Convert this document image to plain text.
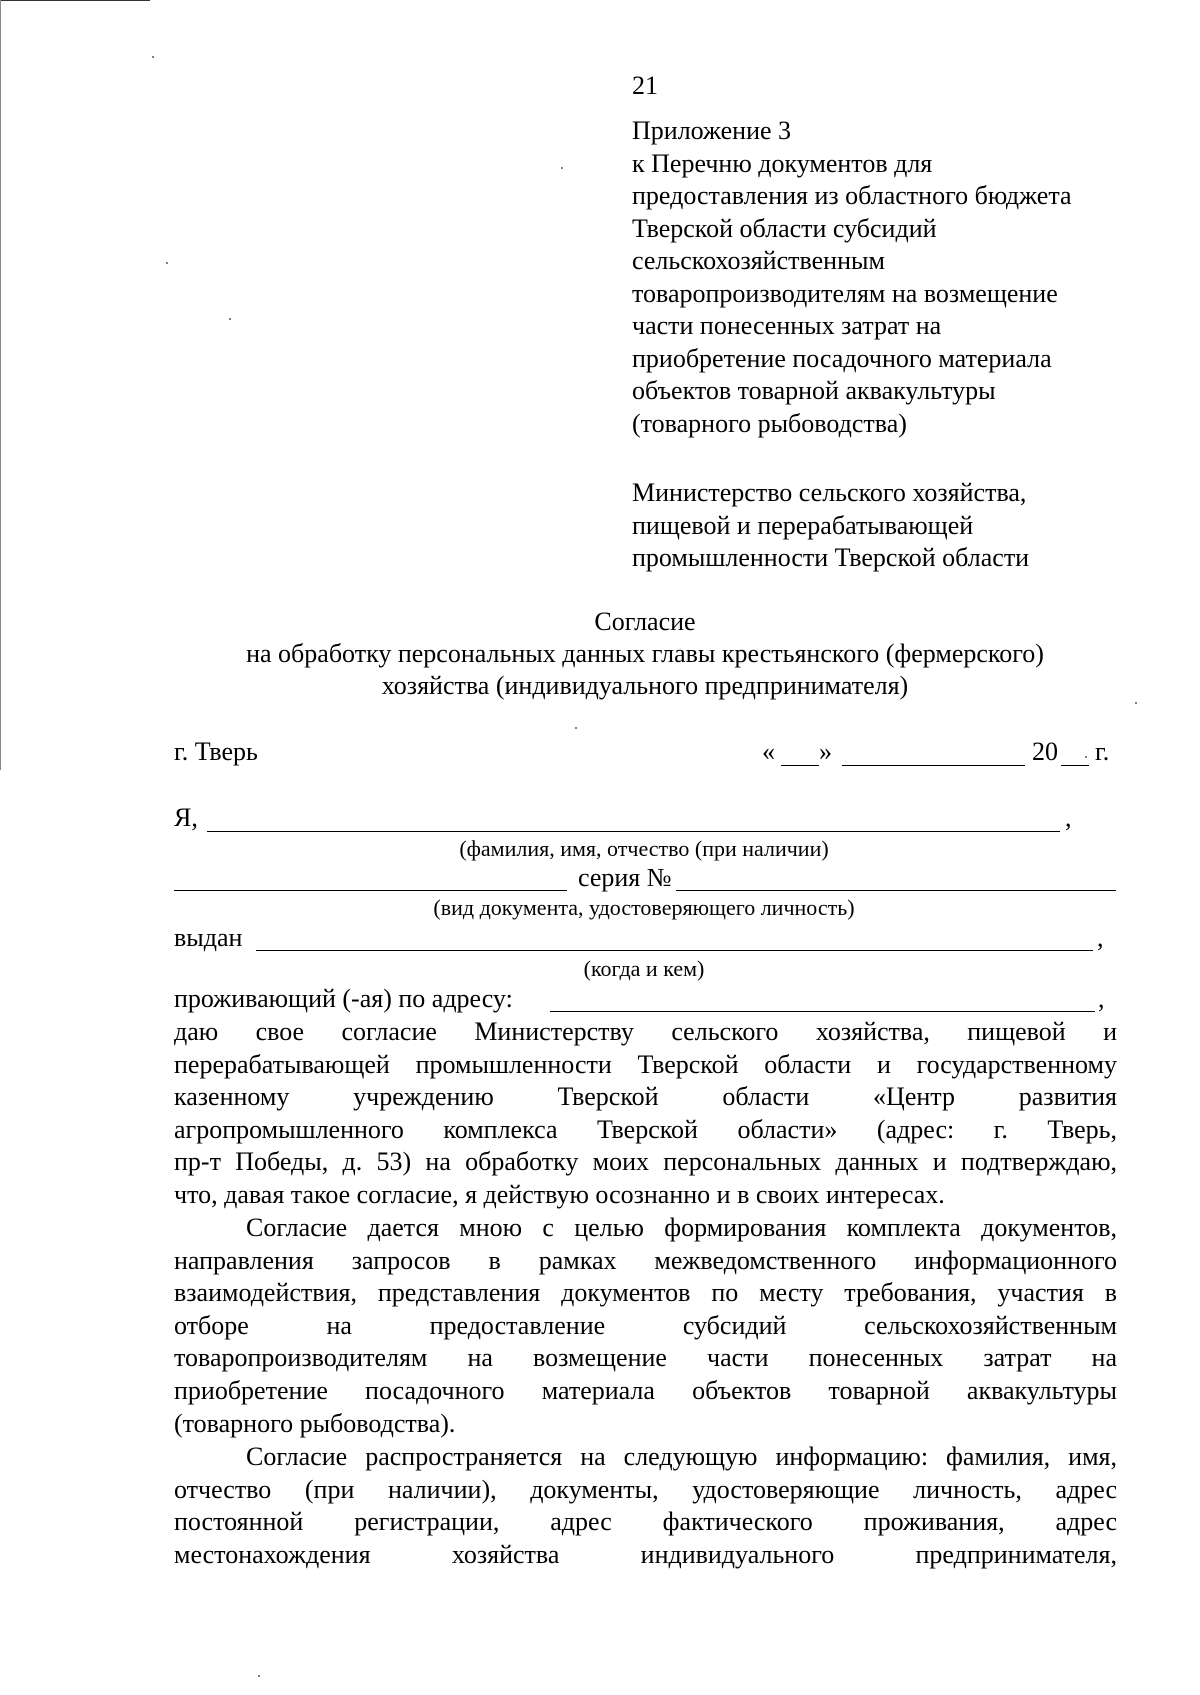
21
Приложение 3
к Перечню документов для
предоставления из областного бюджета
Тверской области субсидий
сельскохозяйственным
товаропроизводителям на возмещение
части понесенных затрат на
приобретение посадочного материала
объектов товарной аквакультуры
(товарного рыбоводства)
Министерство сельского хозяйства,
пищевой и перерабатывающей
промышленности Тверской области
Согласие
на обработку персональных данных главы крестьянского (фермерского)
хозяйства (индивидуального предпринимателя)
г. Тверь	« »	20 г.
Я,	,
(фамилия, имя, отчество (при наличии)
серия №
(вид документа, удостоверяющего личность)
выдан	,
(когда и кем)
проживающий (-ая) по адресу:	,
даю свое согласие Министерству сельского хозяйства, пищевой и
перерабатывающей промышленности Тверской области и государственному
казенному учреждению Тверской области «Центр развития
агропромышленного комплекса Тверской области» (адрес: г. Тверь,
пр-т Победы, д. 53) на обработку моих персональных данных и подтверждаю,
что, давая такое согласие, я действую осознанно и в своих интересах.
Согласие дается мною с целью формирования комплекта документов,
направления запросов в рамках межведомственного информационного
взаимодействия, представления документов по месту требования, участия в
отборе на предоставление субсидий сельскохозяйственным
товаропроизводителям на возмещение части понесенных затрат на
приобретение посадочного материала объектов товарной аквакультуры
(товарного рыбоводства).
Согласие распространяется на следующую информацию: фамилия, имя,
отчество (при наличии), документы, удостоверяющие личность, адрес
постоянной регистрации, адрес фактического проживания, адрес
местонахождения хозяйства индивидуального предпринимателя,
